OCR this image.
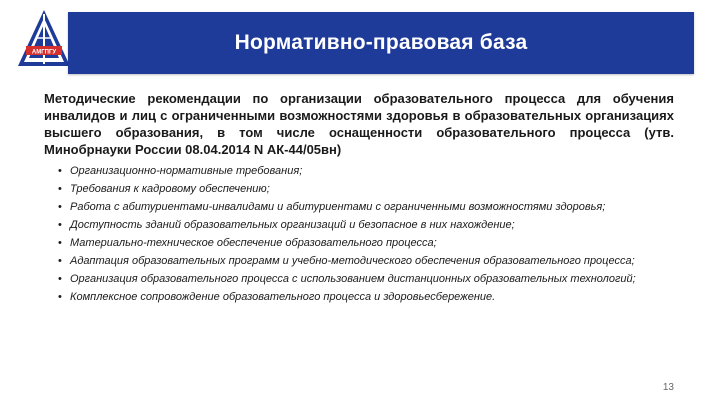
АМГПГУ	Нормативно-правовая база

Методические рекомендации по организации образовательного процесса для обучения инвалидов и лиц с ограниченными возможностями здоровья в образовательных организациях высшего образования, в том числе оснащенности образовательного процесса (утв. Минобрнауки России 08.04.2014 N АК-44/05вн)

• Организационно-нормативные требования;
• Требования к кадровому обеспечению;
• Работа с абитуриентами-инвалидами и абитуриентами с ограниченными возможностями здоровья;
• Доступность зданий образовательных организаций и безопасное в них нахождение;
• Материально-техническое обеспечение образовательного процесса;
• Адаптация образовательных программ и учебно-методического обеспечения образовательного процесса;
• Организация образовательного процесса с использованием дистанционных образовательных технологий;
• Комплексное сопровождение образовательного процесса и здоровьесбережение.
13
